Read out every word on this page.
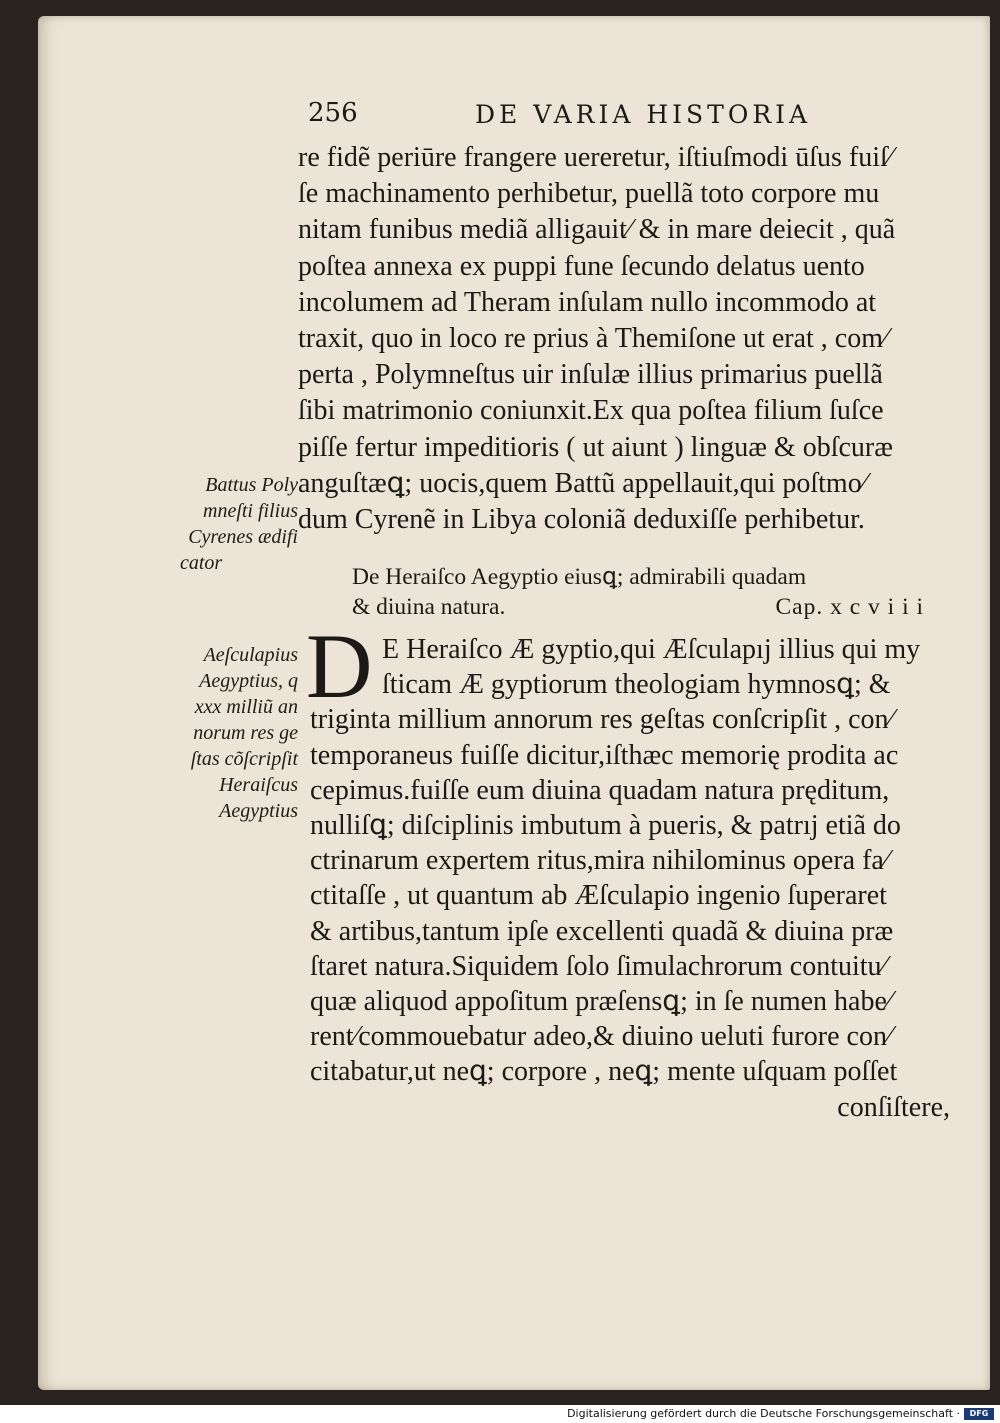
256	DE VARIA HISTORIA
re fidẽ periūre frangere uereretur, iſtiuſmodi ūſus fuiſ⁄
ſe machinamento perhibetur, puellã toto corpore mu
nitam funibus mediã alligauit⁄ & in mare deiecit , quã
poſtea annexa ex puppi fune ſecundo delatus uento
incolumem ad Theram inſulam nullo incommodo at
traxit, quo in loco re prius à Themiſone ut erat , com⁄
perta , Polymneſtus uir inſulæ illius primarius puellã
ſibi matrimonio coniunxit.Ex qua poſtea filium ſuſce
piſſe fertur impeditioris ( ut aiunt ) linguæ & obſcuræ
anguſtæꝗ; uocis,quem Battũ appellauit,qui poſtmo⁄
dum Cyrenẽ in Libya coloniã deduxiſſe perhibetur.
Battus Poly
mneſti filius
Cyrenes ædifi
cator
De Heraiſco Aegyptio eiusꝗ; admirabili quadam
& diuina natura.	Cap. x c v i i i
Aeſculapius
Aegyptius, q
xxx milliũ an
norum res ge
ſtas cõſcripſit
Heraiſcus
Aegyptius
D E Heraiſco Æ gyptio,qui Æſculapıj illius qui my
ſticam Æ gyptiorum theologiam hymnosꝗ; &
triginta millium annorum res geſtas conſcripſit , con⁄
temporaneus fuiſſe dicitur,iſthæc memorię prodita ac
cepimus.fuiſſe eum diuina quadam natura pręditum,
nulliſꝗ; diſciplinis imbutum à pueris, & patrıj etiã do
ctrinarum expertem ritus,mira nihilominus opera fa⁄
ctitaſſe , ut quantum ab Æſculapio ingenio ſuperaret
& artibus,tantum ipſe excellenti quadã & diuina præ
ſtaret natura.Siquidem ſolo ſimulachrorum contuitu⁄
quæ aliquod appoſitum præſensꝗ; in ſe numen habe⁄
rent⁄commouebatur adeo,& diuino ueluti furore con⁄
citabatur,ut neꝗ; corpore , neꝗ; mente uſquam poſſet
conſiſtere,
Digitalisierung gefördert durch die Deutsche Forschungsgemeinschaft ·	DFG
